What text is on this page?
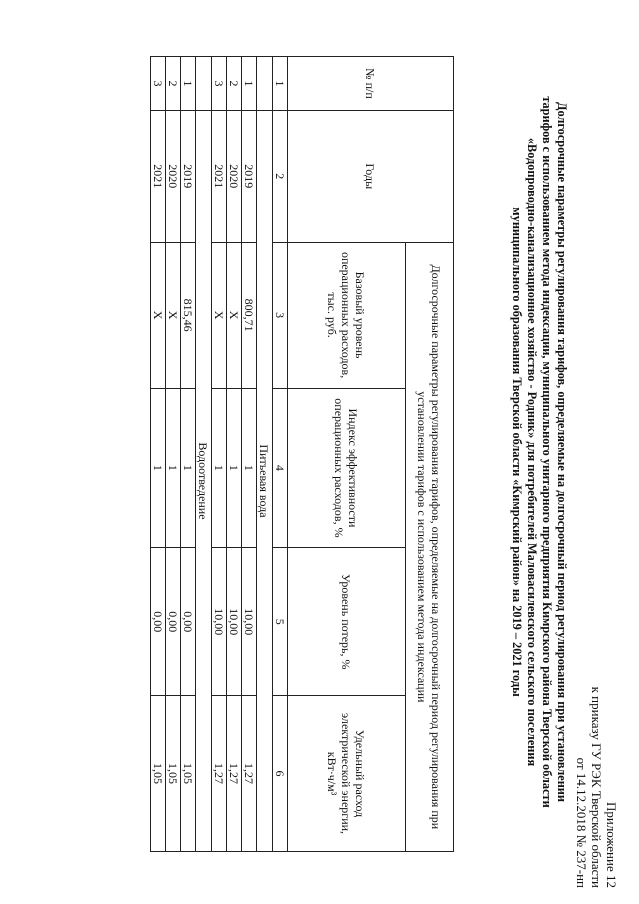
Приложение 12
к приказу ГУ РЭК Тверской области
от 14.12.2018 № 237-нп
Долгосрочные параметры регулирования тарифов, определяемые на долгосрочный период регулирования при установлении
тарифов с использованием метода индексации, муниципального унитарного предприятия Кимрского района Тверской области
«Водопроводно-канализационное хозяйство - Родник» для потребителей Маловасилевского сельского поселения
муниципального образования Тверской области «Кимрский район» на 2019 – 2021 годы
№ п/п	Годы	Долгосрочные параметры регулирования тарифов, определяемые на долгосрочный период регулирования при установлении тарифов с использованием метода индексации			
		Базовый уровень операционных расходов, тыс. руб.	Индекс эффективности операционных расходов, %	Уровень потерь, %	Удельный расход электрической энергии, кВт·ч/м³
1	2	3	4	5	6
	Питьевая вода				
1	2019	800,71	1	10,00	1,27
2	2020	Х	1	10,00	1,27
3	2021	Х	1	10,00	1,27
	Водоотведение				
1	2019	815,46	1	0,00	1,05
2	2020	Х	1	0,00	1,05
3	2021	Х	1	0,00	1,05
